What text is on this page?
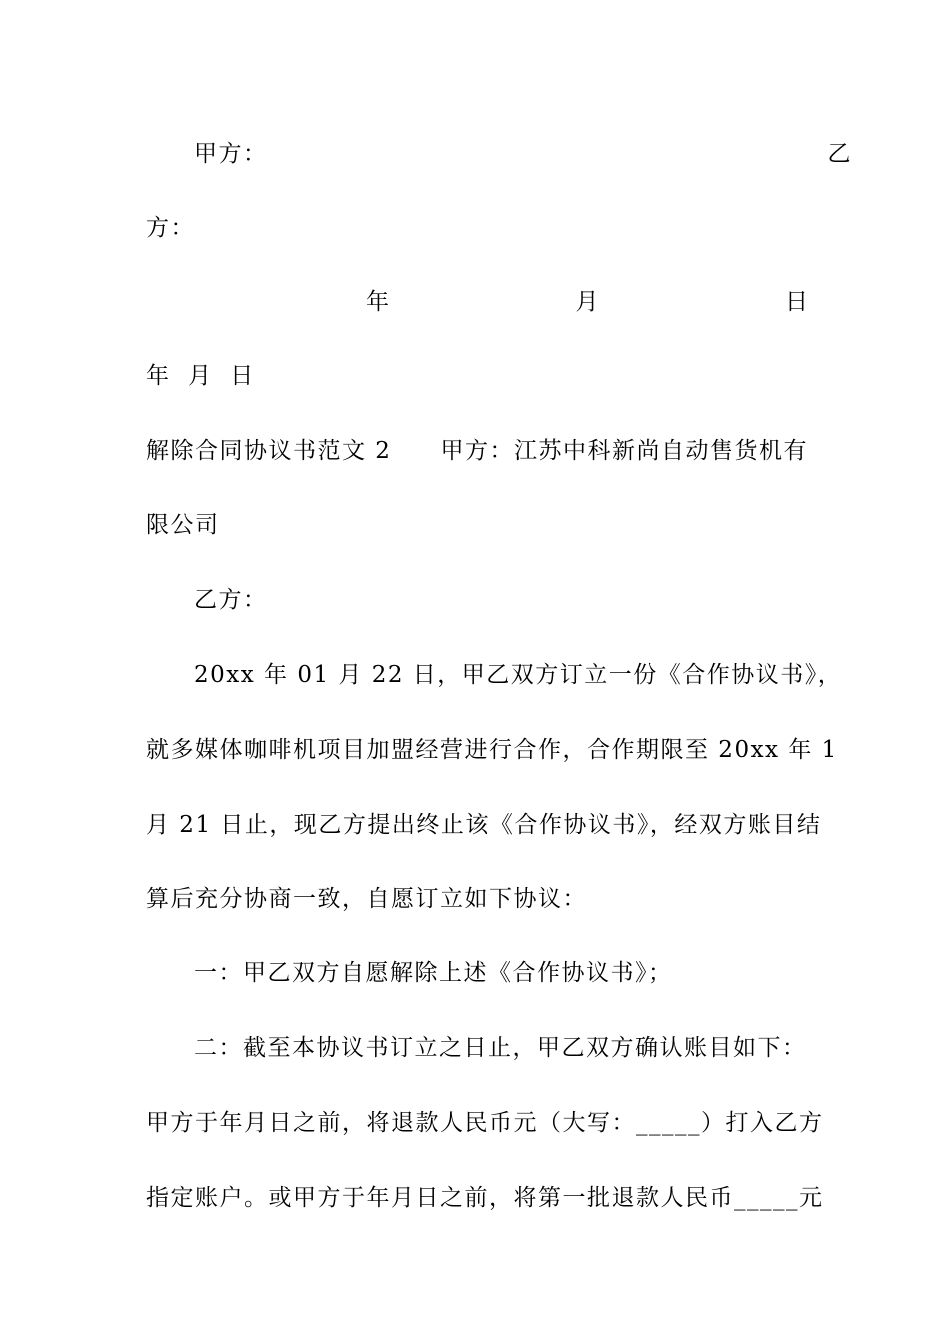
甲方：	乙
方：
年	月	日
年  月  日
解除合同协议书范文 2　　甲方：江苏中科新尚自动售货机有
限公司
乙方：
20xx 年 01 月 22 日，甲乙双方订立一份《合作协议书》，
就多媒体咖啡机项目加盟经营进行合作，合作期限至 20xx 年 1
月 21 日止，现乙方提出终止该《合作协议书》，经双方账目结
算后充分协商一致，自愿订立如下协议：
一：甲乙双方自愿解除上述《合作协议书》；
二：截至本协议书订立之日止，甲乙双方确认账目如下：
甲方于年月日之前，将退款人民币元（大写：_____）打入乙方
指定账户。或甲方于年月日之前，将第一批退款人民币_____元
